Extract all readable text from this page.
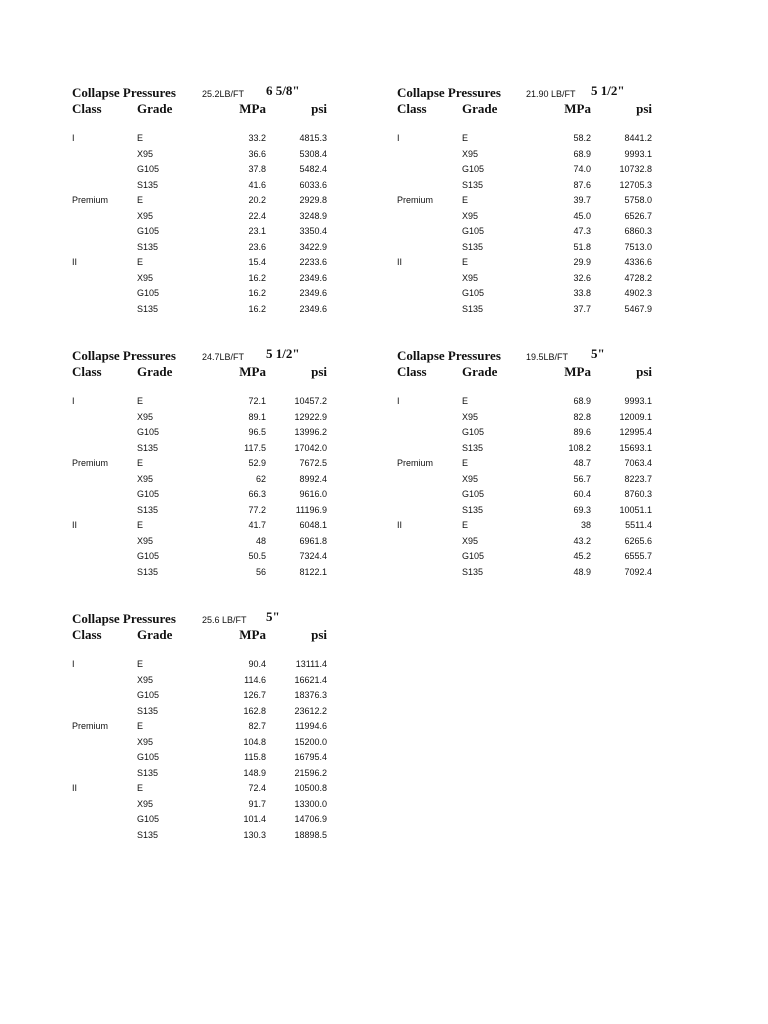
Collapse Pressures	25.2LB/FT 6 5/8"
Class	Grade	MPa	psi
I	E	33.2	4815.3
X95	36.6	5308.4
G105	37.8	5482.4
S135	41.6	6033.6
Premium	E	20.2	2929.8
X95	22.4	3248.9
G105	23.1	3350.4
S135	23.6	3422.9
II	E	15.4	2233.6
X95	16.2	2349.6
G105	16.2	2349.6
S135	16.2	2349.6
Collapse Pressures	21.90 LB/FT 5 1/2"
Class	Grade	MPa	psi
I	E	58.2	8441.2
X95	68.9	9993.1
G105	74.0	10732.8
S135	87.6	12705.3
Premium	E	39.7	5758.0
X95	45.0	6526.7
G105	47.3	6860.3
S135	51.8	7513.0
II	E	29.9	4336.6
X95	32.6	4728.2
G105	33.8	4902.3
S135	37.7	5467.9
Collapse Pressures	24.7LB/FT 5 1/2"
Class	Grade	MPa	psi
I	E	72.1	10457.2
X95	89.1	12922.9
G105	96.5	13996.2
S135	117.5	17042.0
Premium	E	52.9	7672.5
X95	62	8992.4
G105	66.3	9616.0
S135	77.2	11196.9
II	E	41.7	6048.1
X95	48	6961.8
G105	50.5	7324.4
S135	56	8122.1
Collapse Pressures	19.5LB/FT 5"
Class	Grade	MPa	psi
I	E	68.9	9993.1
X95	82.8	12009.1
G105	89.6	12995.4
S135	108.2	15693.1
Premium	E	48.7	7063.4
X95	56.7	8223.7
G105	60.4	8760.3
S135	69.3	10051.1
II	E	38	5511.4
X95	43.2	6265.6
G105	45.2	6555.7
S135	48.9	7092.4
Collapse Pressures	25.6 LB/FT 5"
Class	Grade	MPa	psi
I	E	90.4	13111.4
X95	114.6	16621.4
G105	126.7	18376.3
S135	162.8	23612.2
Premium	E	82.7	11994.6
X95	104.8	15200.0
G105	115.8	16795.4
S135	148.9	21596.2
II	E	72.4	10500.8
X95	91.7	13300.0
G105	101.4	14706.9
S135	130.3	18898.5
